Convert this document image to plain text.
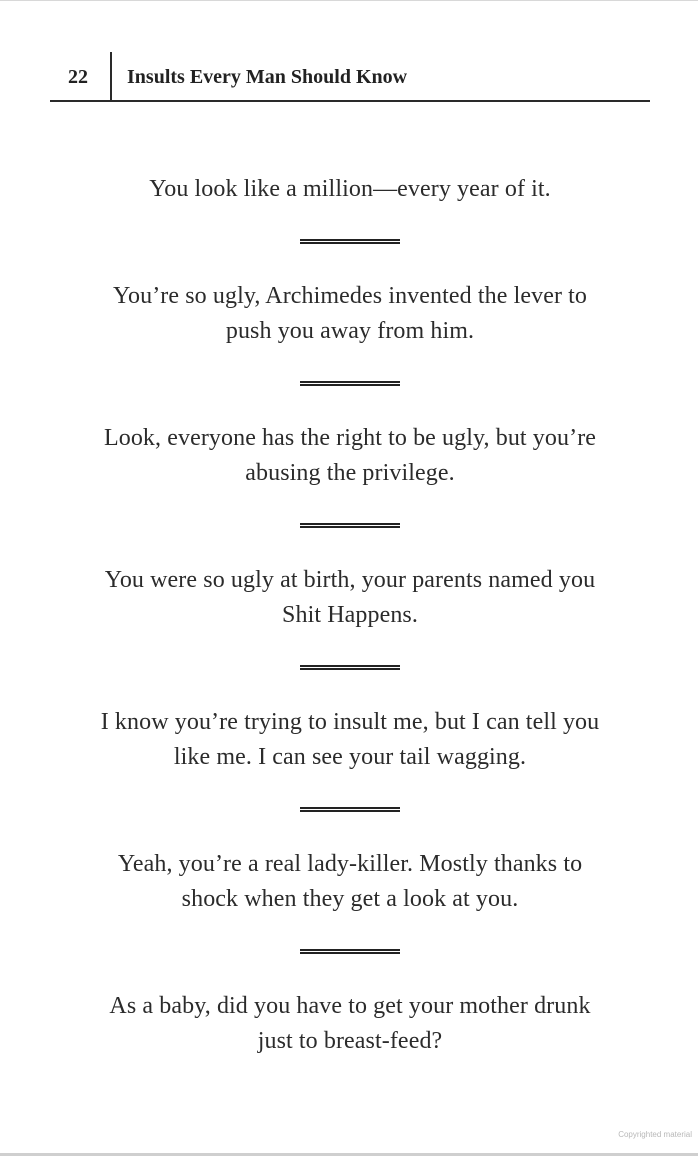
22 Insults Every Man Should Know

You look like a million—every year of it.

You’re so ugly, Archimedes invented the lever to
push you away from him.

Look, everyone has the right to be ugly, but you’re
abusing the privilege.

You were so ugly at birth, your parents named you
Shit Happens.

I know you’re trying to insult me, but I can tell you
like me. I can see your tail wagging.

Yeah, you’re a real lady-killer. Mostly thanks to
shock when they get a look at you.

As a baby, did you have to get your mother drunk
just to breast-feed?

Copyrighted material
